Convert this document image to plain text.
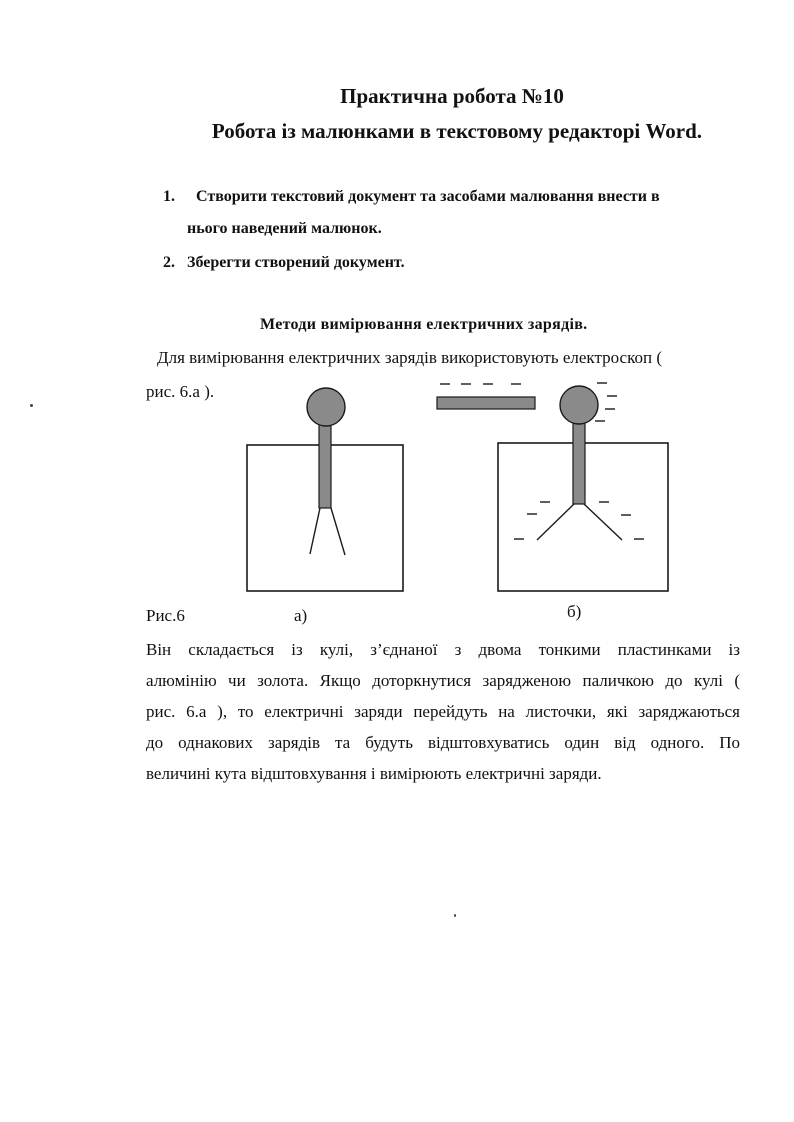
Практична робота №10
Робота із малюнками в текстовому редакторі Word.
1. Створити текстовий документ та засобами малювання внести в
нього наведений малюнок.
2. Зберегти створений документ.
Методи вимірювання електричних зарядів.
Для вимірювання електричних зарядів використовують електроскоп (
рис. 6.а ).
Рис.6	а)	б)
Він складається із кулі, з’єднаної з двома тонкими пластинками із
алюмінію чи золота. Якщо доторкнутися зарядженою паличкою до кулі (
рис. 6.а ), то електричні заряди перейдуть на листочки, які заряджаються
до однакових зарядів та будуть відштовхуватись один від одного. По
величині кута відштовхування і вимірюють електричні заряди.
